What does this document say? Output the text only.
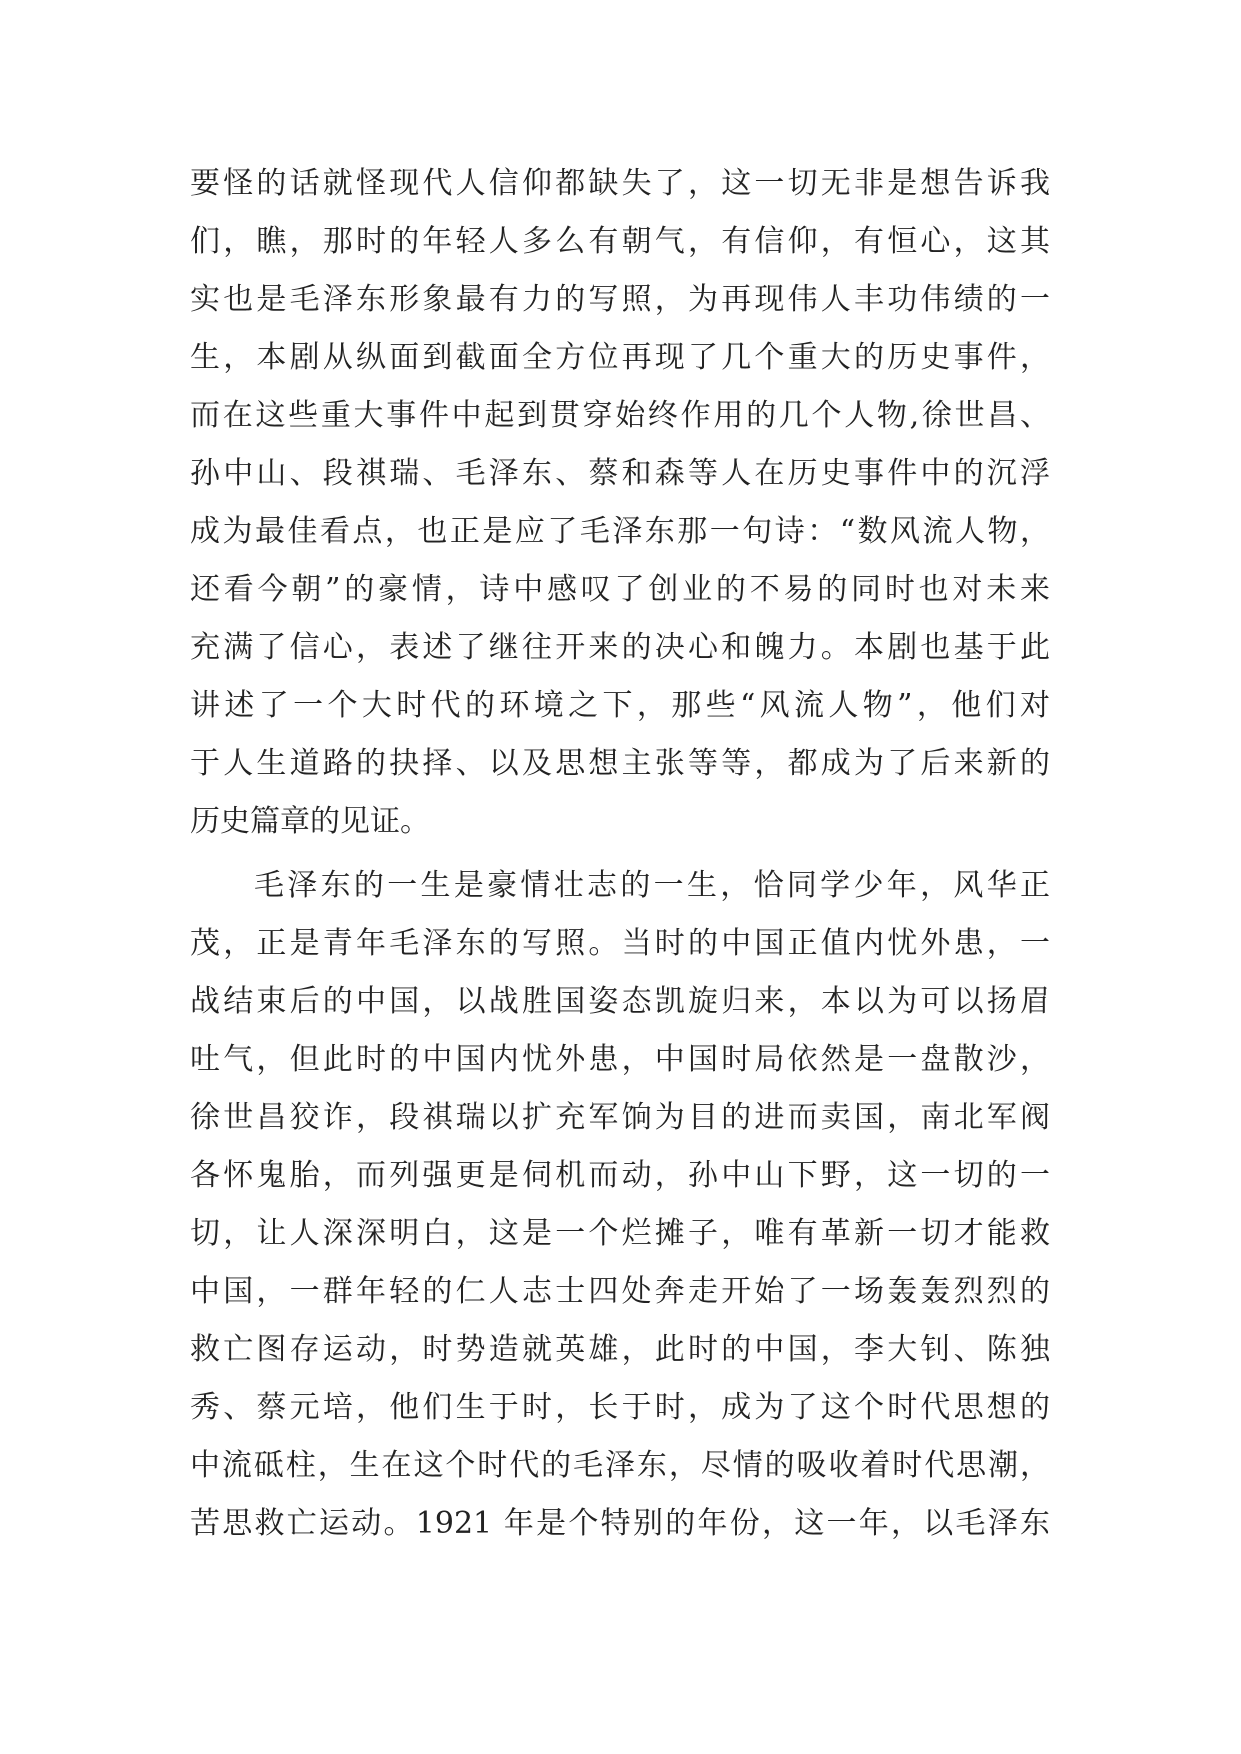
要怪的话就怪现代人信仰都缺失了，这一切无非是想告诉我
们，瞧，那时的年轻人多么有朝气，有信仰，有恒心，这其
实也是毛泽东形象最有力的写照，为再现伟人丰功伟绩的一
生，本剧从纵面到截面全方位再现了几个重大的历史事件，
而在这些重大事件中起到贯穿始终作用的几个人物,徐世昌、
孙中山、段祺瑞、毛泽东、蔡和森等人在历史事件中的沉浮
成为最佳看点，也正是应了毛泽东那一句诗：“数风流人物，
还看今朝”的豪情，诗中感叹了创业的不易的同时也对未来
充满了信心，表述了继往开来的决心和魄力。本剧也基于此
讲述了一个大时代的环境之下，那些“风流人物”，他们对
于人生道路的抉择、以及思想主张等等，都成为了后来新的
历史篇章的见证。
毛泽东的一生是豪情壮志的一生，恰同学少年，风华正
茂，正是青年毛泽东的写照。当时的中国正值内忧外患，一
战结束后的中国，以战胜国姿态凯旋归来，本以为可以扬眉
吐气，但此时的中国内忧外患，中国时局依然是一盘散沙，
徐世昌狡诈，段祺瑞以扩充军饷为目的进而卖国，南北军阀
各怀鬼胎，而列强更是伺机而动，孙中山下野，这一切的一
切，让人深深明白，这是一个烂摊子，唯有革新一切才能救
中国，一群年轻的仁人志士四处奔走开始了一场轰轰烈烈的
救亡图存运动，时势造就英雄，此时的中国，李大钊、陈独
秀、蔡元培，他们生于时，长于时，成为了这个时代思想的
中流砥柱，生在这个时代的毛泽东，尽情的吸收着时代思潮，
苦思救亡运动。1921 年是个特别的年份，这一年，以毛泽东
